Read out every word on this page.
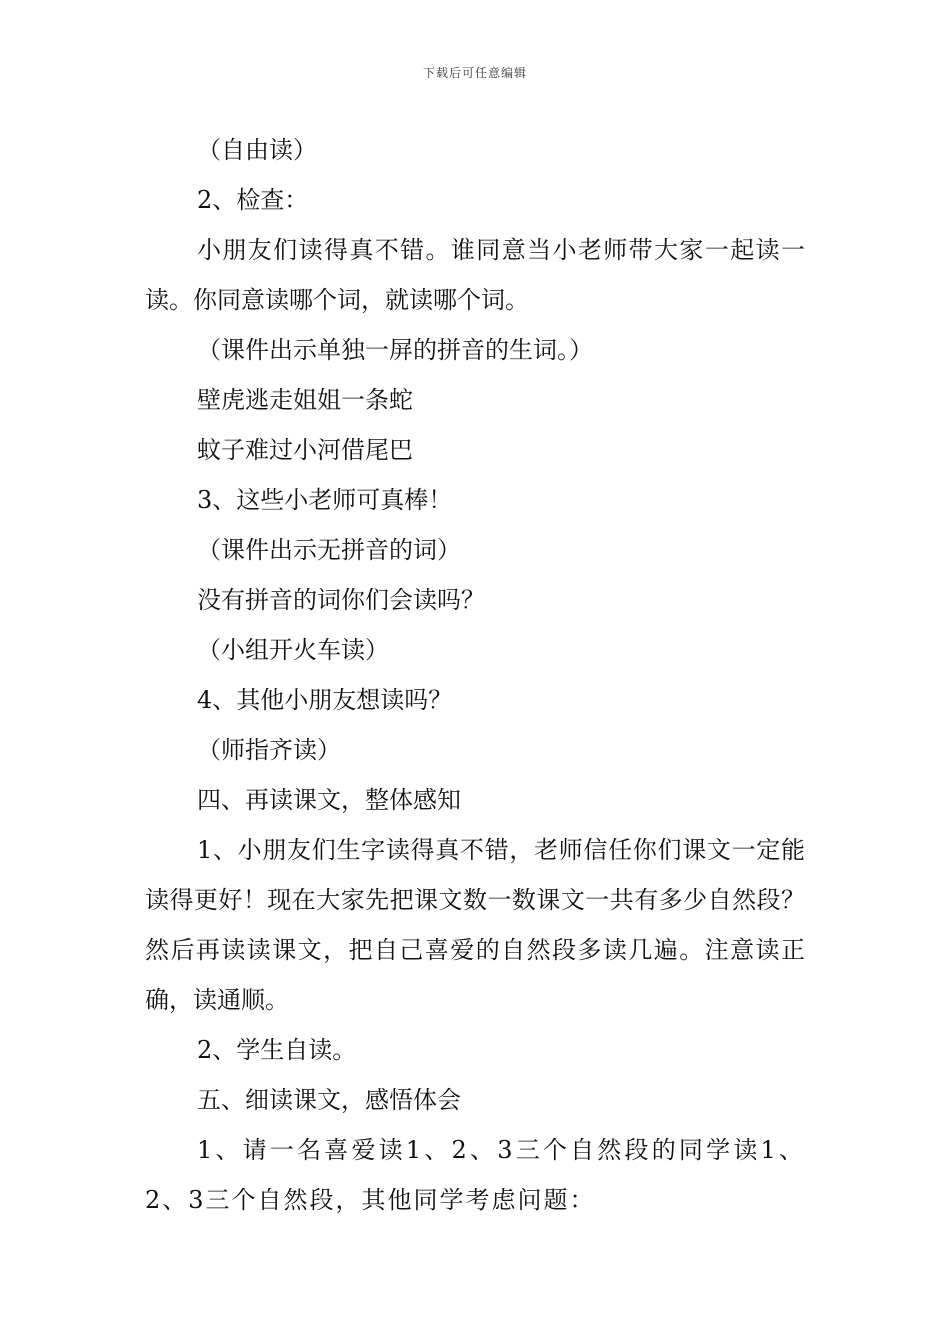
下载后可任意编辑

（自由读）

2、检查：

小朋友们读得真不错。谁同意当小老师带大家一起读一读。你同意读哪个词，就读哪个词。

（课件出示单独一屏的拼音的生词。）

壁虎逃走姐姐一条蛇

蚊子难过小河借尾巴

3、这些小老师可真棒！

（课件出示无拼音的词）

没有拼音的词你们会读吗？

（小组开火车读）

4、其他小朋友想读吗？

（师指齐读）

四、再读课文，整体感知

1、小朋友们生字读得真不错，老师信任你们课文一定能读得更好！现在大家先把课文数一数课文一共有多少自然段？然后再读读课文，把自己喜爱的自然段多读几遍。注意读正确，读通顺。

2、学生自读。

五、细读课文，感悟体会

1、请一名喜爱读1、2、3三个自然段的同学读1、2、3三个自然段，其他同学考虑问题：
